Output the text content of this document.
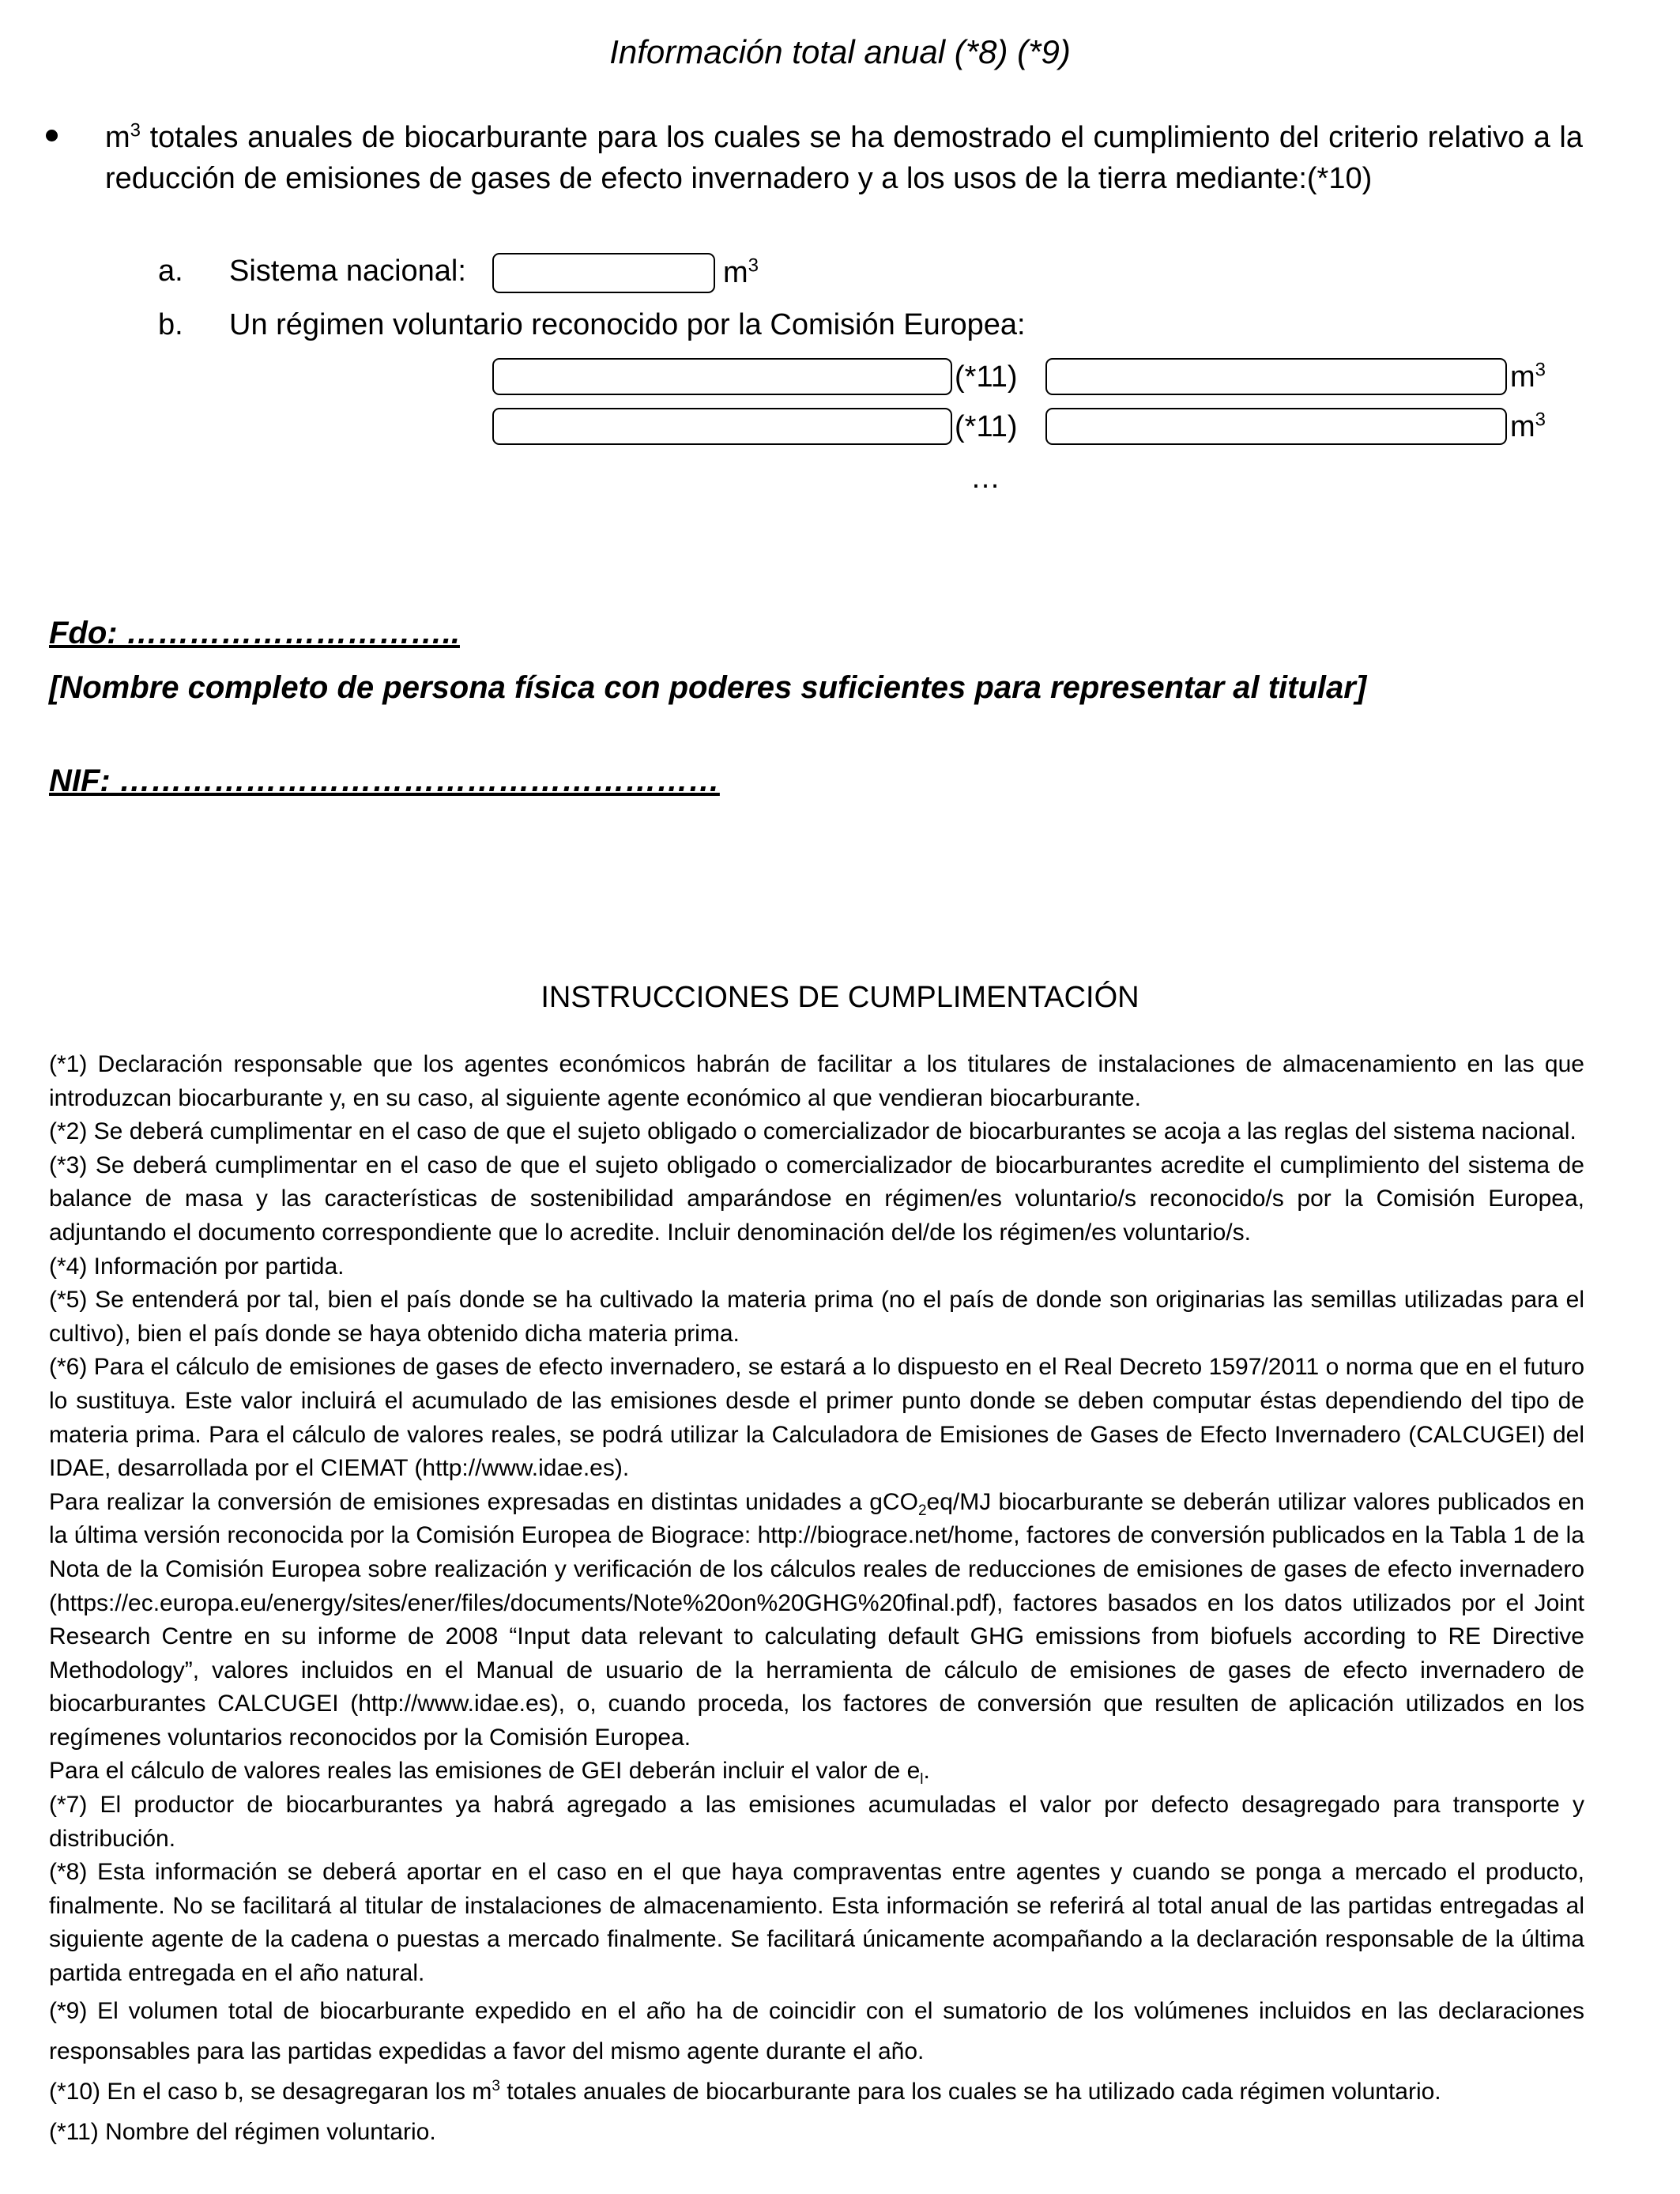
Información total anual (*8) (*9)
$m^3$ totales anuales de biocarburante para los cuales se ha demostrado el cumplimiento del criterio relativo a la reducción de emisiones de gases de efecto invernadero y a los usos de la tierra mediante:(*10)
a. Sistema nacional:	$m^3$
b. Un régimen voluntario reconocido por la Comisión Europea:
(*11)	$m^3$
(*11)	$m^3$
…
Fdo: …………………………..
[Nombre completo de persona física con poderes suficientes para representar al titular]
NIF: …………………………………………………
INSTRUCCIONES DE CUMPLIMENTACIÓN

(*1) Declaración responsable que los agentes económicos habrán de facilitar a los titulares de instalaciones de almacenamiento en las que introduzcan biocarburante y, en su caso, al siguiente agente económico al que vendieran biocarburante.

(*2) Se deberá cumplimentar en el caso de que el sujeto obligado o comercializador de biocarburantes se acoja a las reglas del sistema nacional.

(*3) Se deberá cumplimentar en el caso de que el sujeto obligado o comercializador de biocarburantes acredite el cumplimiento del sistema de balance de masa y las características de sostenibilidad amparándose en régimen/es voluntario/s reconocido/s por la Comisión Europea, adjuntando el documento correspondiente que lo acredite. Incluir denominación del/de los régimen/es voluntario/s.

(*4) Información por partida.

(*5) Se entenderá por tal, bien el país donde se ha cultivado la materia prima (no el país de donde son originarias las semillas utilizadas para el cultivo), bien el país donde se haya obtenido dicha materia prima.

(*6) Para el cálculo de emisiones de gases de efecto invernadero, se estará a lo dispuesto en el Real Decreto 1597/2011 o norma que en el futuro lo sustituya. Este valor incluirá el acumulado de las emisiones desde el primer punto donde se deben computar éstas dependiendo del tipo de materia prima. Para el cálculo de valores reales, se podrá utilizar la Calculadora de Emisiones de Gases de Efecto Invernadero (CALCUGEI) del IDAE, desarrollada por el CIEMAT (http://www.idae.es).

Para realizar la conversión de emisiones expresadas en distintas unidades a gCO$_2$eq/MJ biocarburante se deberán utilizar valores publicados en la última versión reconocida por la Comisión Europea de Biograce: http://biograce.net/home, factores de conversión publicados en la Tabla 1 de la Nota de la Comisión Europea sobre realización y verificación de los cálculos reales de reducciones de emisiones de gases de efecto invernadero (https://ec.europa.eu/energy/sites/ener/files/documents/Note%20on%20GHG%20final.pdf), factores basados en los datos utilizados por el Joint Research Centre en su informe de 2008 “Input data relevant to calculating default GHG emissions from biofuels according to RE Directive Methodology”, valores incluidos en el Manual de usuario de la herramienta de cálculo de emisiones de gases de efecto invernadero de biocarburantes CALCUGEI (http://www.idae.es), o, cuando proceda, los factores de conversión que resulten de aplicación utilizados en los regímenes voluntarios reconocidos por la Comisión Europea.

Para el cálculo de valores reales las emisiones de GEI deberán incluir el valor de $e_l$.

(*7) El productor de biocarburantes ya habrá agregado a las emisiones acumuladas el valor por defecto desagregado para transporte y distribución.

(*8) Esta información se deberá aportar en el caso en el que haya compraventas entre agentes y cuando se ponga a mercado el producto, finalmente. No se facilitará al titular de instalaciones de almacenamiento. Esta información se referirá al total anual de las partidas entregadas al siguiente agente de la cadena o puestas a mercado finalmente. Se facilitará únicamente acompañando a la declaración responsable de la última partida entregada en el año natural.

(*9) El volumen total de biocarburante expedido en el año ha de coincidir con el sumatorio de los volúmenes incluidos en las declaraciones responsables para las partidas expedidas a favor del mismo agente durante el año.

(*10) En el caso b, se desagregaran los $m^3$ totales anuales de biocarburante para los cuales se ha utilizado cada régimen voluntario.

(*11) Nombre del régimen voluntario.
